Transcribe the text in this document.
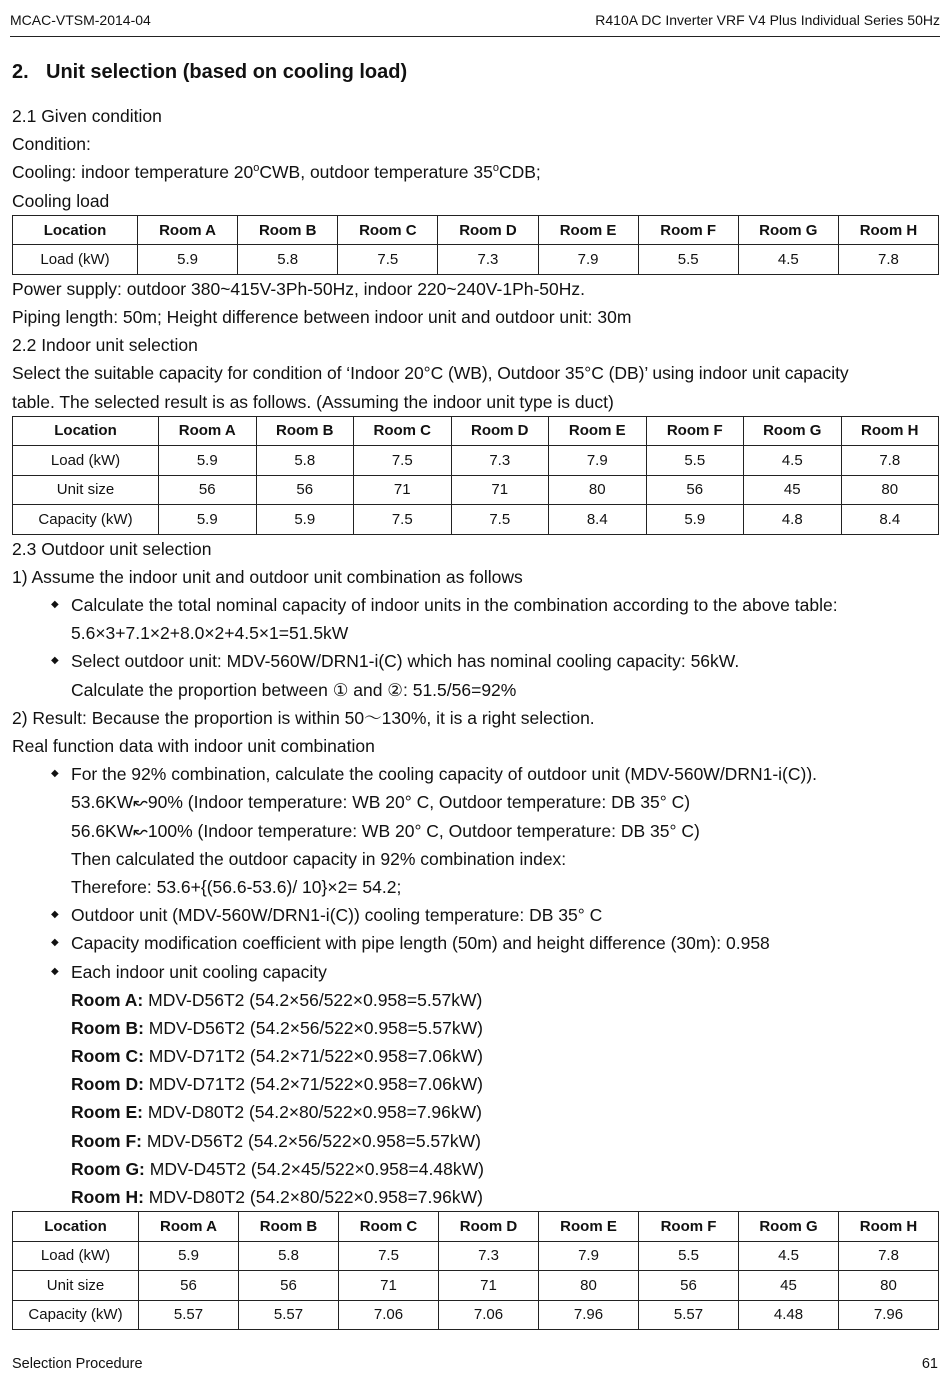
MCAC-VTSM-2014-04	R410A DC Inverter VRF V4 Plus Individual Series 50Hz
2. Unit selection (based on cooling load)
2.1 Given condition
Condition:
Cooling: indoor temperature 20$^o$CWB, outdoor temperature 35$^o$CDB;
Cooling load
Location	Room A	Room B	Room C	Room D	Room E	Room F	Room G	Room H
Load (kW)	5.9	5.8	7.5	7.3	7.9	5.5	4.5	7.8
Power supply: outdoor 380~415V-3Ph-50Hz, indoor 220~240V-1Ph-50Hz.
Piping length: 50m; Height difference between indoor unit and outdoor unit: 30m
2.2 Indoor unit selection
Select the suitable capacity for condition of ‘Indoor 20°C (WB), Outdoor 35°C (DB)’ using indoor unit capacity
table. The selected result is as follows. (Assuming the indoor unit type is duct)
Location	Room A	Room B	Room C	Room D	Room E	Room F	Room G	Room H
Load (kW)	5.9	5.8	7.5	7.3	7.9	5.5	4.5	7.8
Unit size	56	56	71	71	80	56	45	80
Capacity (kW)	5.9	5.9	7.5	7.5	8.4	5.9	4.8	8.4
2.3 Outdoor unit selection
1) Assume the indoor unit and outdoor unit combination as follows
◆ Calculate the total nominal capacity of indoor units in the combination according to the above table:
5.6×3+7.1×2+8.0×2+4.5×1=51.5kW
◆ Select outdoor unit: MDV-560W/DRN1-i(C) which has nominal cooling capacity: 56kW.
Calculate the proportion between ① and ②: 51.5/56=92%
2) Result: Because the proportion is within 50～130%, it is a right selection.
Real function data with indoor unit combination
◆ For the 92% combination, calculate the cooling capacity of outdoor unit (MDV-560W/DRN1-i(C)).
53.6KW↜90% (Indoor temperature: WB 20° C, Outdoor temperature: DB 35° C)
56.6KW↜100% (Indoor temperature: WB 20° C, Outdoor temperature: DB 35° C)
Then calculated the outdoor capacity in 92% combination index:
Therefore: 53.6+{(56.6-53.6)/ 10}×2= 54.2;
◆ Outdoor unit (MDV-560W/DRN1-i(C)) cooling temperature: DB 35° C
◆ Capacity modification coefficient with pipe length (50m) and height difference (30m): 0.958
◆ Each indoor unit cooling capacity
Room A: MDV-D56T2 (54.2×56/522×0.958=5.57kW)
Room B: MDV-D56T2 (54.2×56/522×0.958=5.57kW)
Room C: MDV-D71T2 (54.2×71/522×0.958=7.06kW)
Room D: MDV-D71T2 (54.2×71/522×0.958=7.06kW)
Room E: MDV-D80T2 (54.2×80/522×0.958=7.96kW)
Room F: MDV-D56T2 (54.2×56/522×0.958=5.57kW)
Room G: MDV-D45T2 (54.2×45/522×0.958=4.48kW)
Room H: MDV-D80T2 (54.2×80/522×0.958=7.96kW)
Location	Room A	Room B	Room C	Room D	Room E	Room F	Room G	Room H
Load (kW)	5.9	5.8	7.5	7.3	7.9	5.5	4.5	7.8
Unit size	56	56	71	71	80	56	45	80
Capacity (kW)	5.57	5.57	7.06	7.06	7.96	5.57	4.48	7.96
Selection Procedure	61
